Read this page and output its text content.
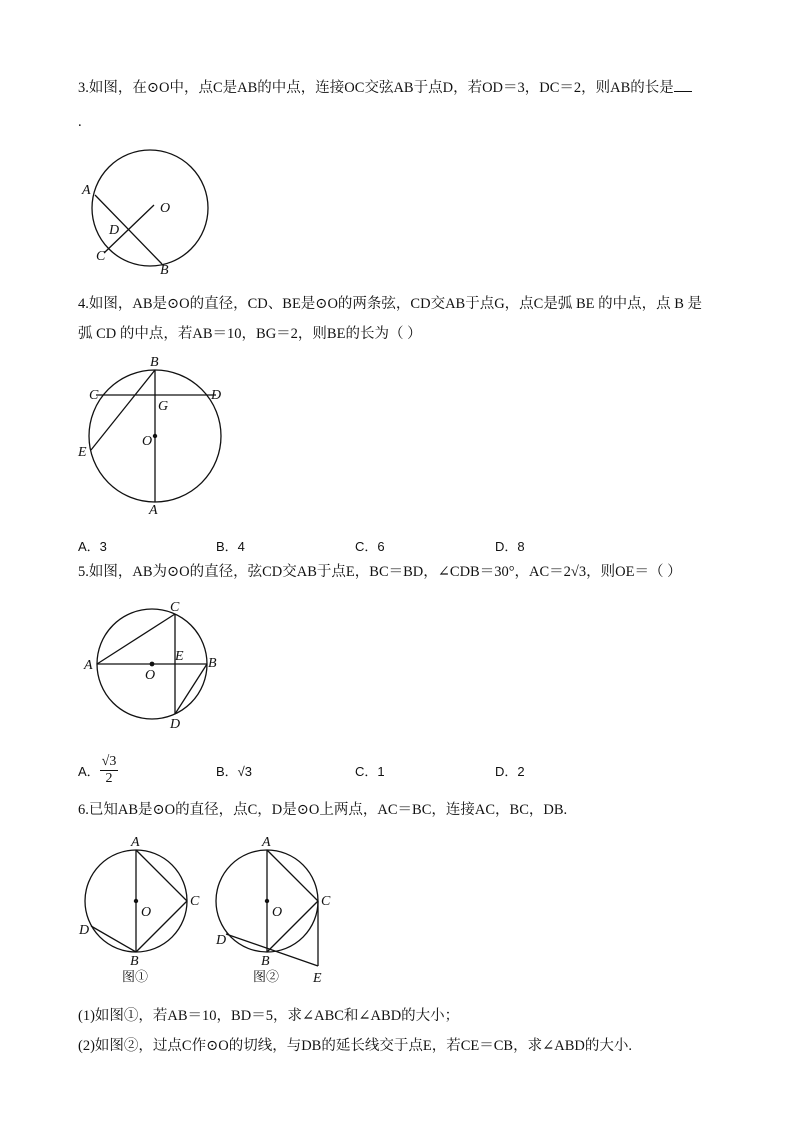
3.如图，在⊙O中，点C是AB的中点，连接OC交弦AB于点D，若OD＝3，DC＝2，则AB的长是
.
A
O
D
C
B
4.如图，AB是⊙O的直径，CD、BE是⊙O的两条弦，CD交AB于点G，点C是弧 BE 的中点，点 B 是
弧 CD 的中点，若AB＝10，BG＝2，则BE的长为（ ）
B
C	D
G
O
E
A
A．3	B．4	C．6	D．8
5.如图，AB为⊙O的直径，弦CD交AB于点E，BC＝BD，∠CDB＝30°，AC＝2√3，则OE＝（ ）
C
A
E B
O
D
A． $\frac{√3}{2}$	B．√3	C．1	D．2
6.已知AB是⊙O的直径，点C，D是⊙O上两点，AC＝BC，连接AC，BC，DB.
A
O
C
D
B
图①
A
O
C
D
B
E
图②
(1)如图①，若AB＝10，BD＝5，求∠ABC和∠ABD的大小；
(2)如图②，过点C作⊙O的切线，与DB的延长线交于点E，若CE＝CB，求∠ABD的大小.
